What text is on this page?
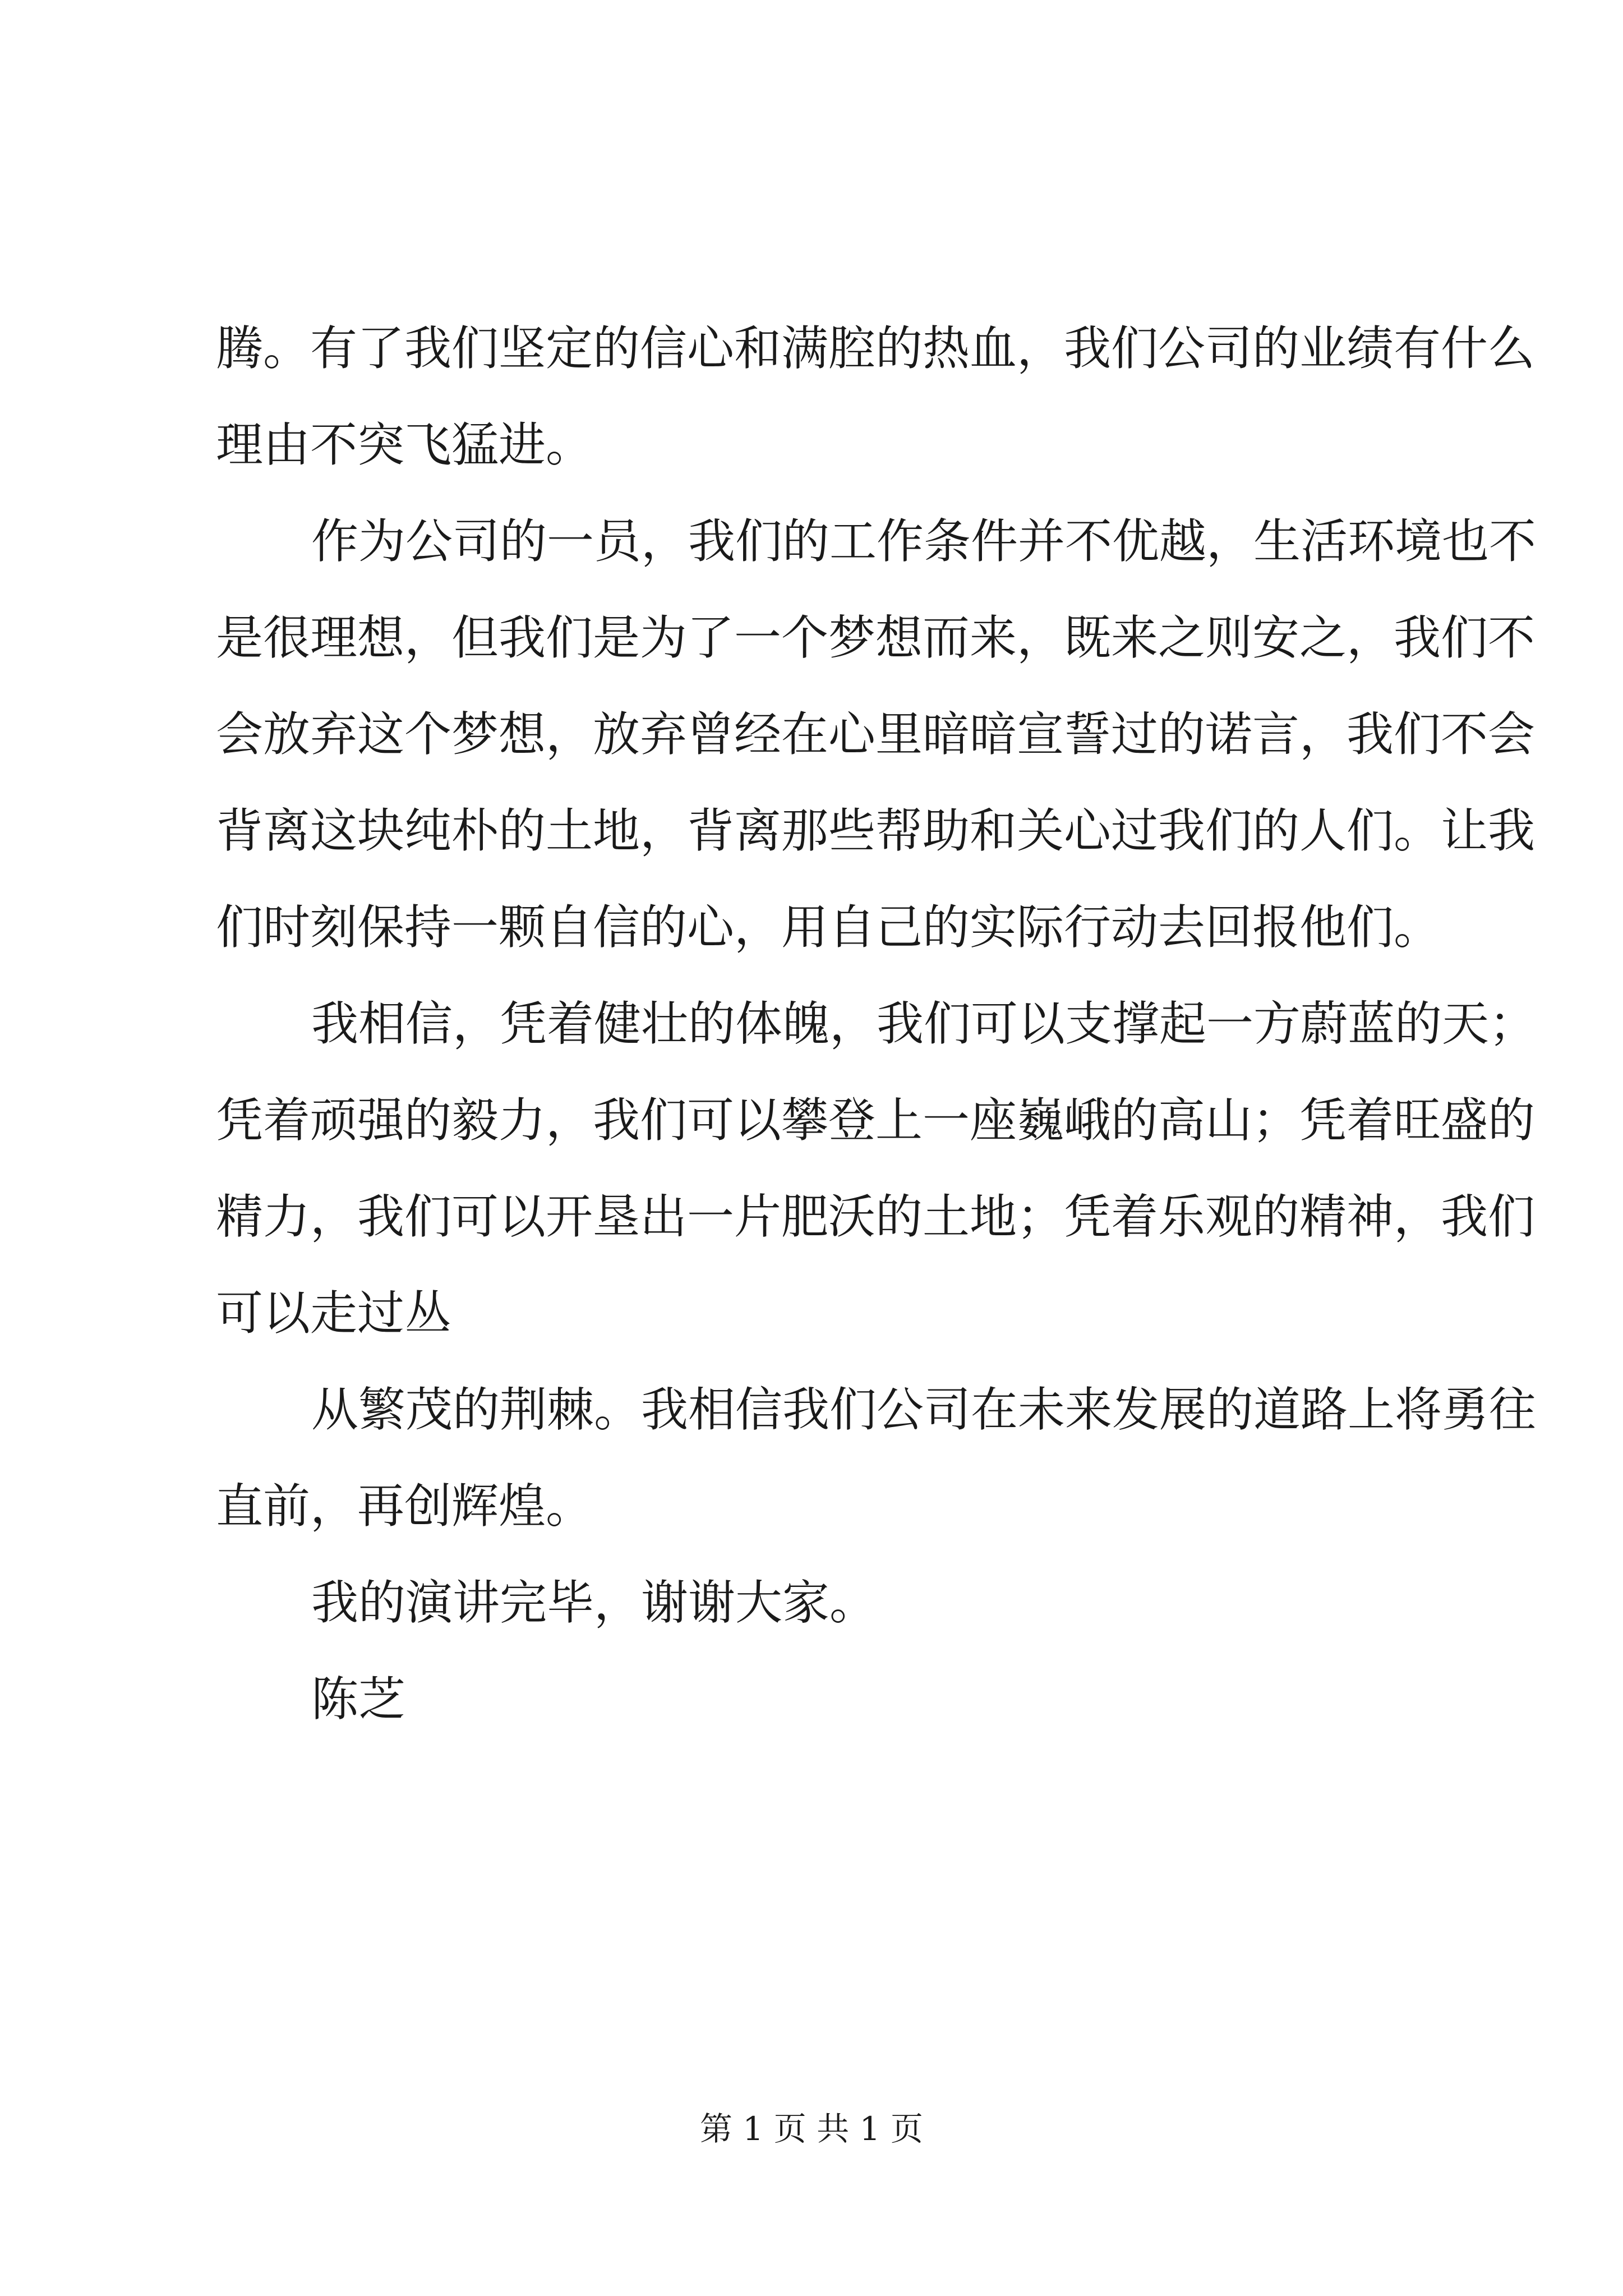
腾。有了我们坚定的信心和满腔的热血，我们公司的业绩有什么
理由不突飞猛进。
作为公司的一员，我们的工作条件并不优越，生活环境也不
是很理想，但我们是为了一个梦想而来，既来之则安之，我们不
会放弃这个梦想，放弃曾经在心里暗暗宣誓过的诺言，我们不会
背离这块纯朴的土地，背离那些帮助和关心过我们的人们。让我
们时刻保持一颗自信的心，用自己的实际行动去回报他们。
我相信，凭着健壮的体魄，我们可以支撑起一方蔚蓝的天；
凭着顽强的毅力，我们可以攀登上一座巍峨的高山；凭着旺盛的
精力，我们可以开垦出一片肥沃的土地；凭着乐观的精神，我们
可以走过丛
从繁茂的荆棘。我相信我们公司在未来发展的道路上将勇往
直前，再创辉煌。
我的演讲完毕，谢谢大家。
陈芝
第 1 页 共 1 页
